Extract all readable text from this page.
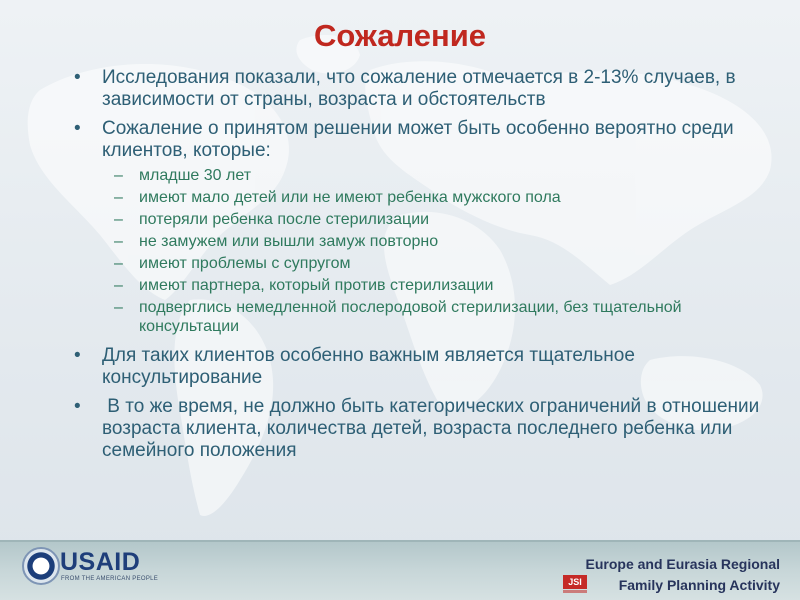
Сожаление
• Исследования показали, что сожаление отмечается в 2-13% случаев, в зависимости от страны, возраста и обстоятельств
• Сожаление о принятом решении может быть особенно вероятно среди клиентов, которые:
– младше 30 лет
– имеют мало детей или не имеют ребенка мужского пола
– потеряли ребенка после стерилизации
– не замужем или вышли замуж повторно
– имеют проблемы с супругом
– имеют партнера, который против стерилизации
– подверглись немедленной послеродовой стерилизации, без тщательной консультации
• Для таких клиентов особенно важным является тщательное консультирование
• В то же время, не должно быть категорических ограничений в отношении возраста клиента, количества детей, возраста последнего ребенка или семейного положения
USAID
FROM THE AMERICAN PEOPLE
Europe and Eurasia Regional
JSI	Family Planning Activity
